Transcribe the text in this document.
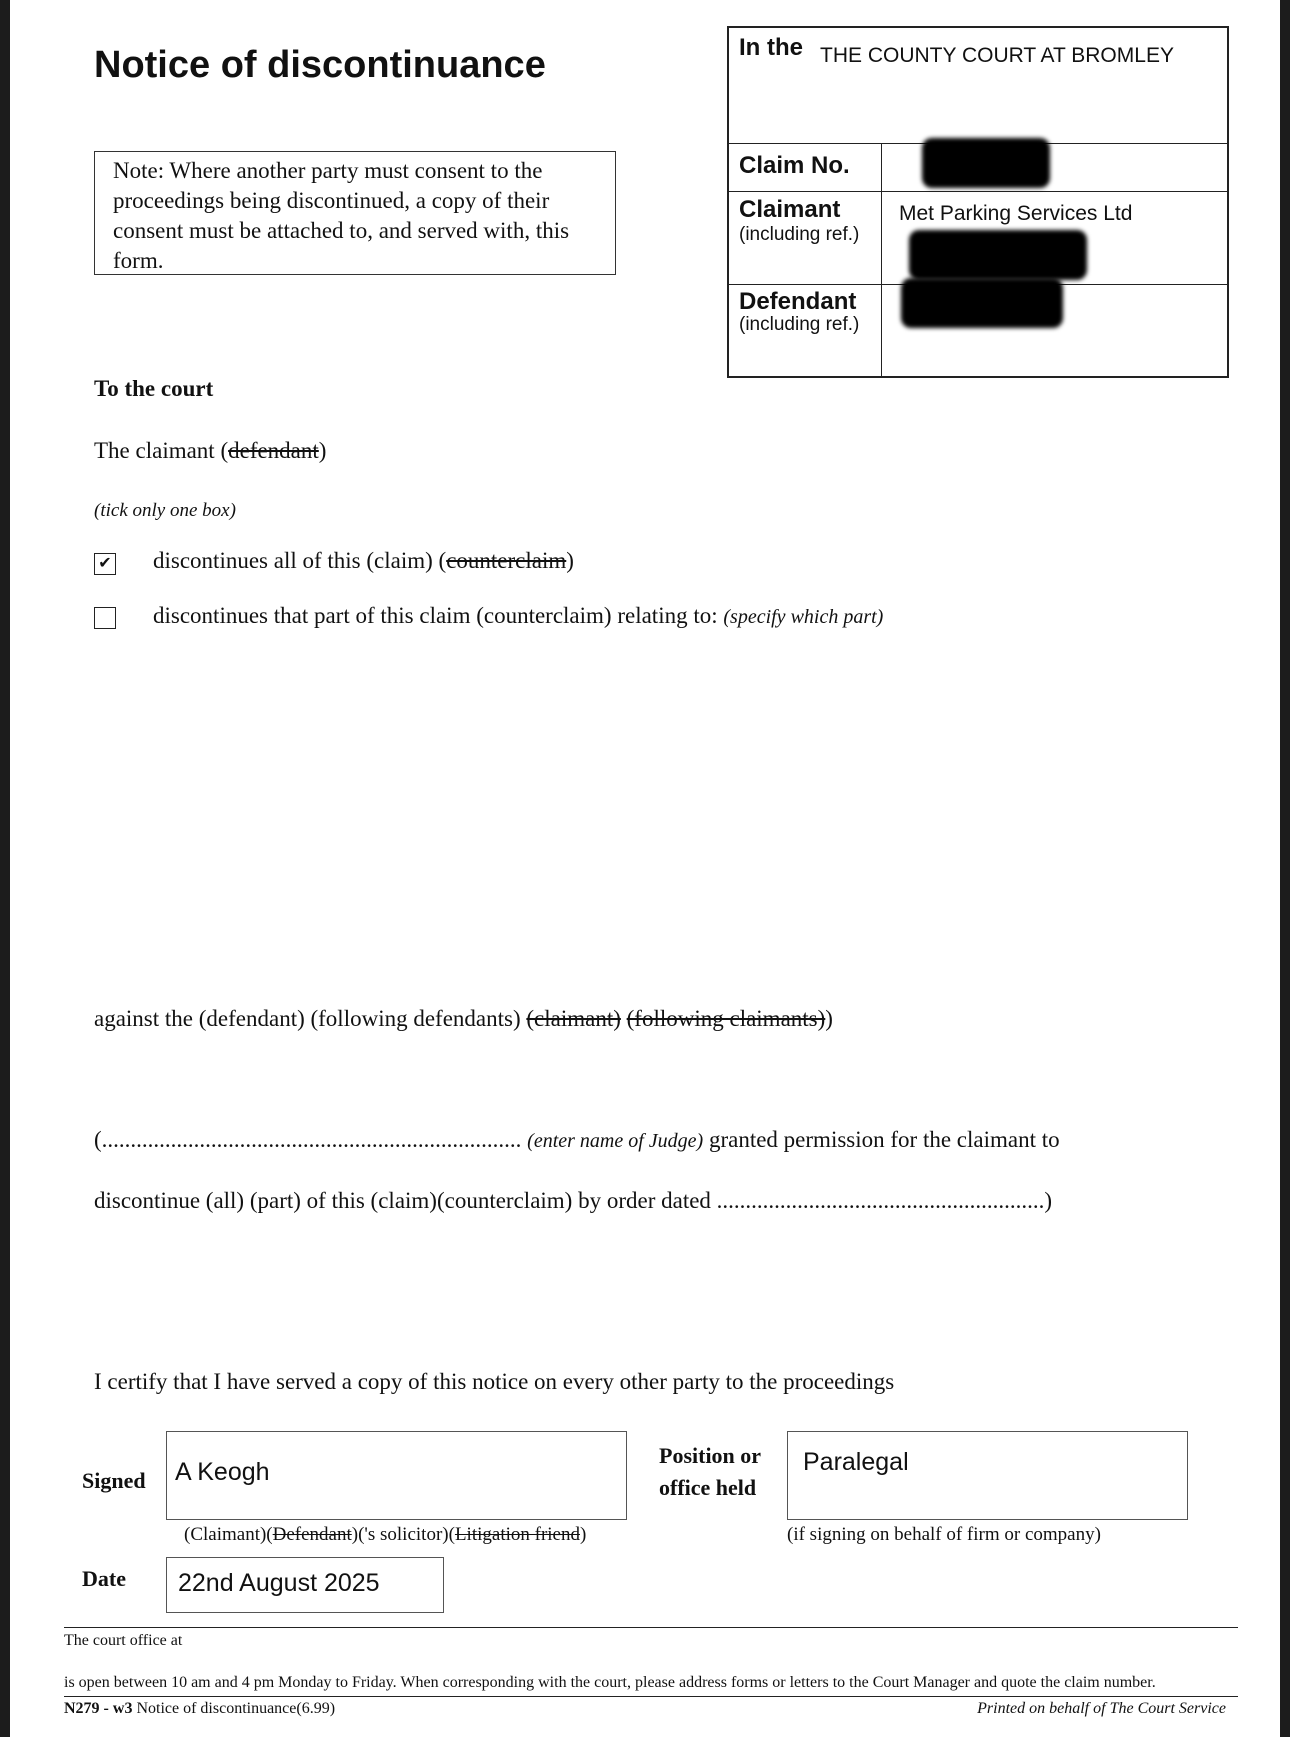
Notice of discontinuance
Note: Where another party must consent to the proceedings being discontinued, a copy of their consent must be attached to, and served with, this form.
In the THE COUNTY COURT AT BROMLEY
Claim No.
Claimant
(including ref.)
Met Parking Services Ltd
Defendant
(including ref.)
To the court
The claimant (defendant)
(tick only one box)
✔ discontinues all of this (claim) (counterclaim)
discontinues that part of this claim (counterclaim) relating to: (specify which part)
against the (defendant) (following defendants) (claimant) (following claimants))
(......................................................................... (enter name of Judge) granted permission for the claimant to
discontinue (all) (part) of this (claim)(counterclaim) by order dated .........................................................)
I certify that I have served a copy of this notice on every other party to the proceedings
Signed A Keogh
(Claimant)(Defendant)('s solicitor)(Litigation friend)
Position or
office held
Paralegal
(if signing on behalf of firm or company)
Date 22nd August 2025
The court office at
is open between 10 am and 4 pm Monday to Friday. When corresponding with the court, please address forms or letters to the Court Manager and quote the claim number.
N279 - w3 Notice of discontinuance(6.99)	Printed on behalf of The Court Service
